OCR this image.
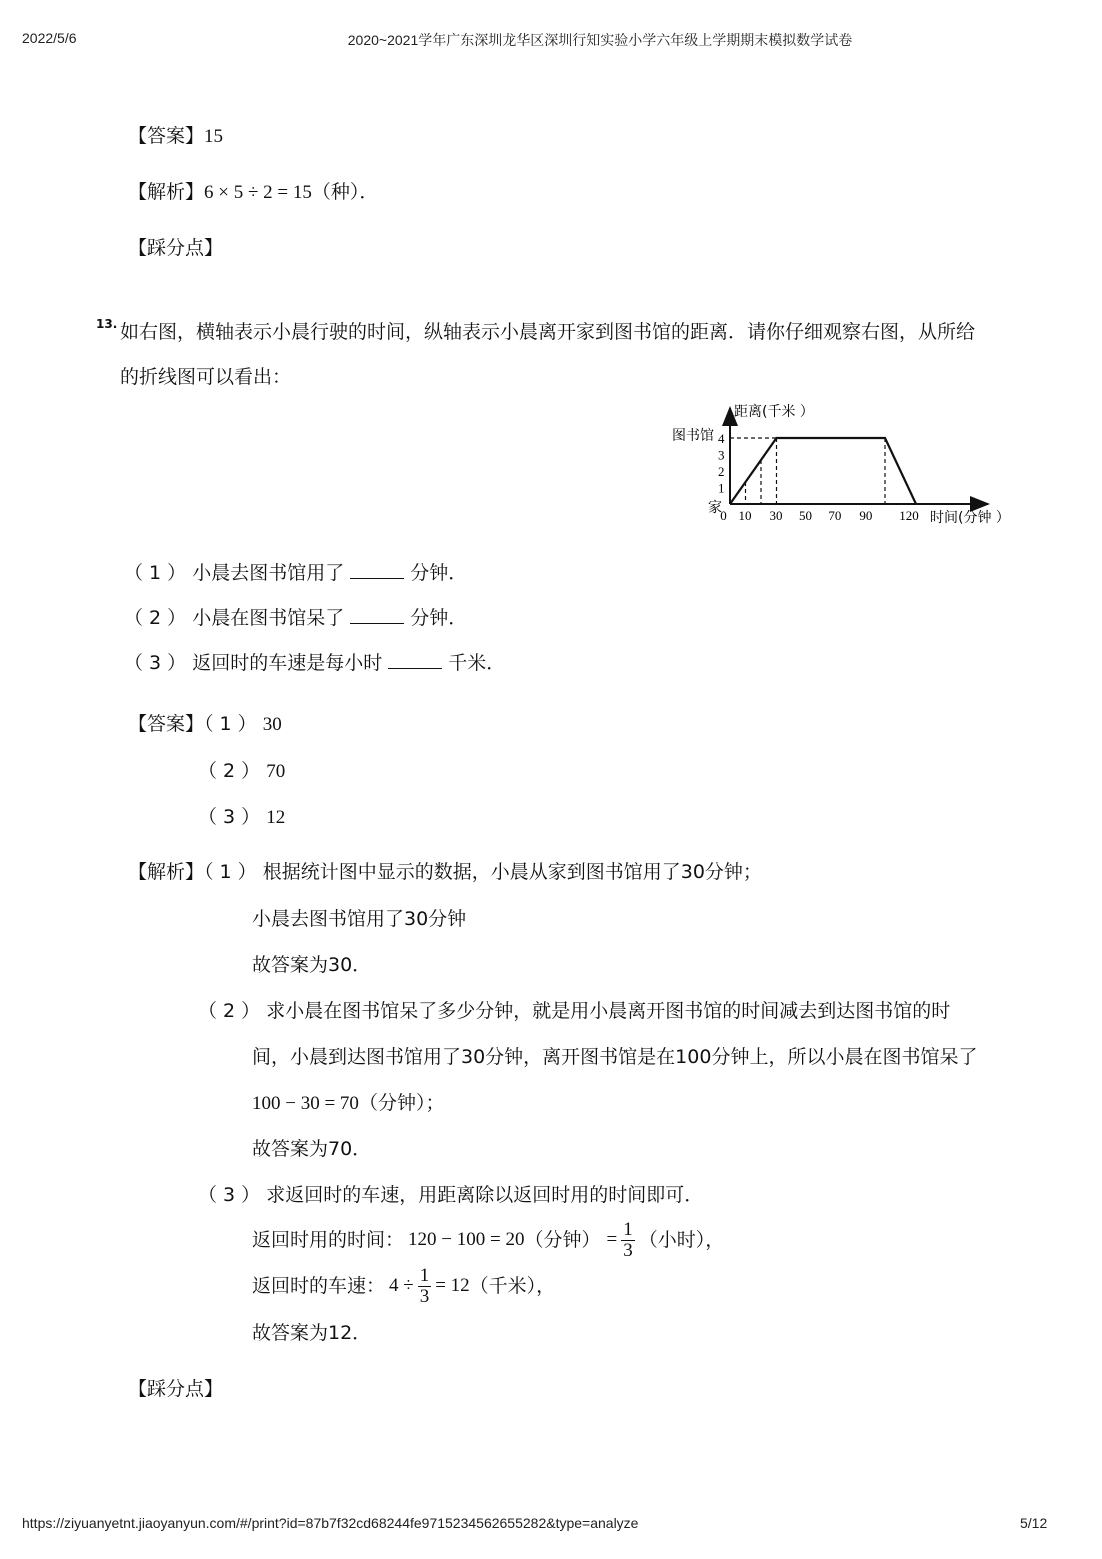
2022/5/6	2020~2021学年广东深圳龙华区深圳行知实验小学六年级上学期期末模拟数学试卷
【答案】15
【解析】6 × 5 ÷ 2 = 15（种）．
【踩分点】
13. 如右图，横轴表示小晨行驶的时间，纵轴表示小晨离开家到图书馆的距离．请你仔细观察右图，从所给
的折线图可以看出：
1
2
3
4
0 10 30 50 70 90 120
距离(千米 ）
时间(分钟 ）
图书馆
家
（ 1 ） 小晨去图书馆用了	分钟．
（ 2 ） 小晨在图书馆呆了	分钟．
（ 3 ） 返回时的车速是每小时	千米．
【答案】（ 1 ） 30
（ 2 ） 70
（ 3 ） 12
【解析】（ 1 ） 根据统计图中显示的数据，小晨从家到图书馆用了30分钟；
小晨去图书馆用了30分钟
故答案为30．
（ 2 ） 求小晨在图书馆呆了多少分钟，就是用小晨离开图书馆的时间减去到达图书馆的时
间，小晨到达图书馆用了30分钟，离开图书馆是在100分钟上，所以小晨在图书馆呆了
100 − 30 = 70（分钟）；
故答案为70．
（ 3 ） 求返回时的车速，用距离除以返回时用的时间即可．
返回时用的时间： 120 − 100 = 20 （分钟） = $\frac{1}{3}$ （小时），
返回时的车速： $4 \div \frac{1}{3} = 12$ （千米），
故答案为12．
【踩分点】
https://ziyuanyetnt.jiaoyanyun.com/#/print?id=87b7f32cd68244fe9715234562655282&type=analyze	5/12
